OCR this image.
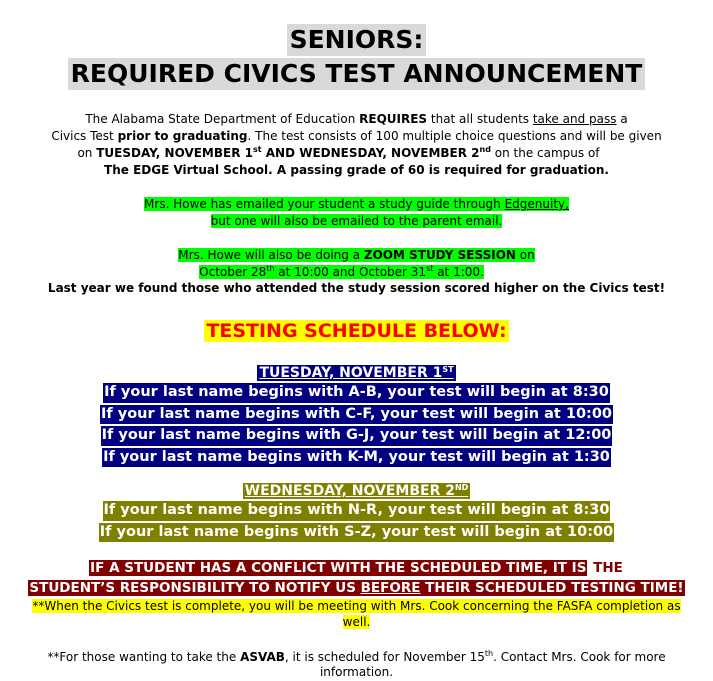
SENIORS:
REQUIRED CIVICS TEST ANNOUNCEMENT
The Alabama State Department of Education REQUIRES that all students take and pass a
Civics Test prior to graduating. The test consists of 100 multiple choice questions and will be given
on TUESDAY, NOVEMBER 1st AND WEDNESDAY, NOVEMBER 2nd on the campus of
The EDGE Virtual School. A passing grade of 60 is required for graduation.
Mrs. Howe has emailed your student a study guide through Edgenuity,
but one will also be emailed to the parent email.
Mrs. Howe will also be doing a ZOOM STUDY SESSION on
October 28th at 10:00 and October 31st at 1:00.
Last year we found those who attended the study session scored higher on the Civics test!
TESTING SCHEDULE BELOW:
TUESDAY, NOVEMBER 1ST
If your last name begins with A-B, your test will begin at 8:30
If your last name begins with C-F, your test will begin at 10:00
If your last name begins with G-J, your test will begin at 12:00
If your last name begins with K-M, your test will begin at 1:30
WEDNESDAY, NOVEMBER 2ND
If your last name begins with N-R, your test will begin at 8:30
If your last name begins with S-Z, your test will begin at 10:00
IF A STUDENT HAS A CONFLICT WITH THE SCHEDULED TIME, IT IS THE
STUDENT’S RESPONSIBILITY TO NOTIFY US BEFORE THEIR SCHEDULED TESTING TIME!
**When the Civics test is complete, you will be meeting with Mrs. Cook concerning the FASFA completion as
well.
**For those wanting to take the ASVAB, it is scheduled for November 15th. Contact Mrs. Cook for more
information.
